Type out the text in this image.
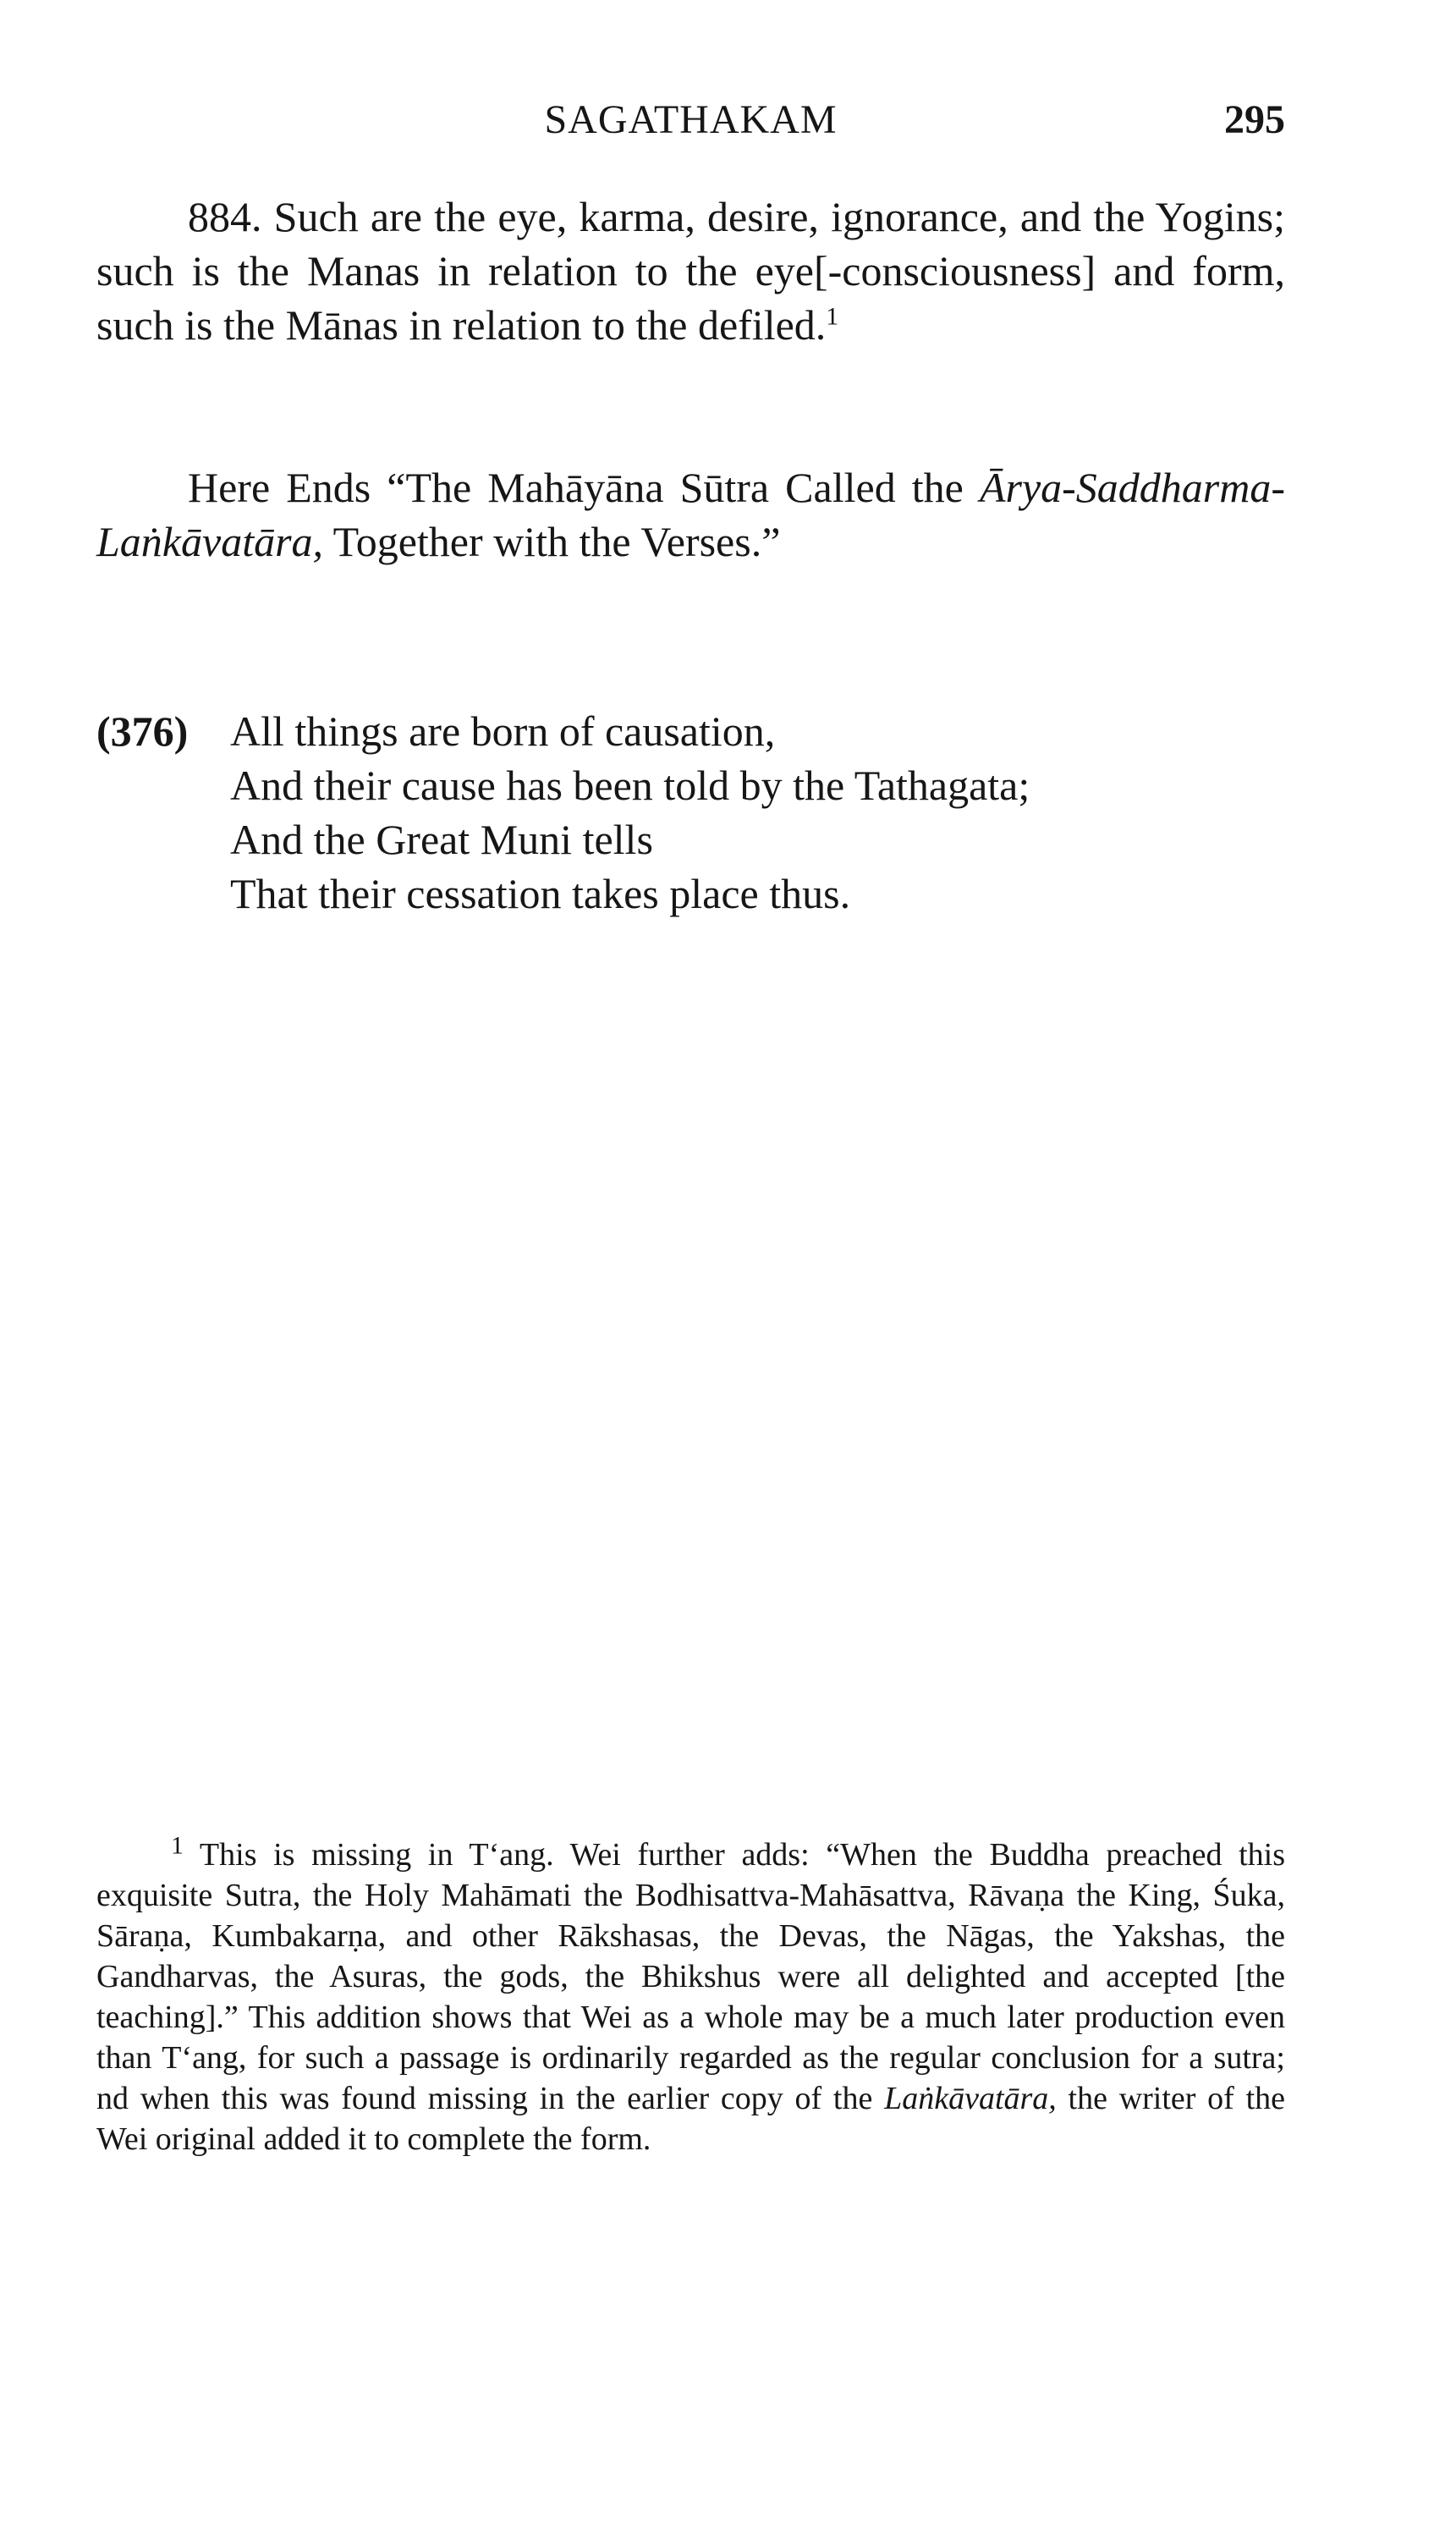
SAGATHAKAM	295
884. Such are the eye, karma, desire, ignorance, and the Yogins; such is the Manas in relation to the eye[-consciousness] and form, such is the Mānas in relation to the defiled.$^1$
Here Ends “The Mahāyāna Sūtra Called the Ārya-Saddharma-Laṅkāvatāra, Together with the Verses.”
(376) All things are born of causation,
And their cause has been told by the Tathagata;
And the Great Muni tells
That their cessation takes place thus.
$^1$ This is missing in T‘ang. Wei further adds: “When the Buddha preached this exquisite Sutra, the Holy Mahāmati the Bodhisattva-Mahāsattva, Rāvaṇa the King, Śuka, Sāraṇa, Kumbakarṇa, and other Rākshasas, the Devas, the Nāgas, the Yakshas, the Gandharvas, the Asuras, the gods, the Bhikshus were all delighted and accepted [the teaching].” This addition shows that Wei as a whole may be a much later production even than T‘ang, for such a passage is ordinarily regarded as the regular conclusion for a sutra; nd when this was found missing in the earlier copy of the Laṅkāvatāra, the writer of the Wei original added it to complete the form.
